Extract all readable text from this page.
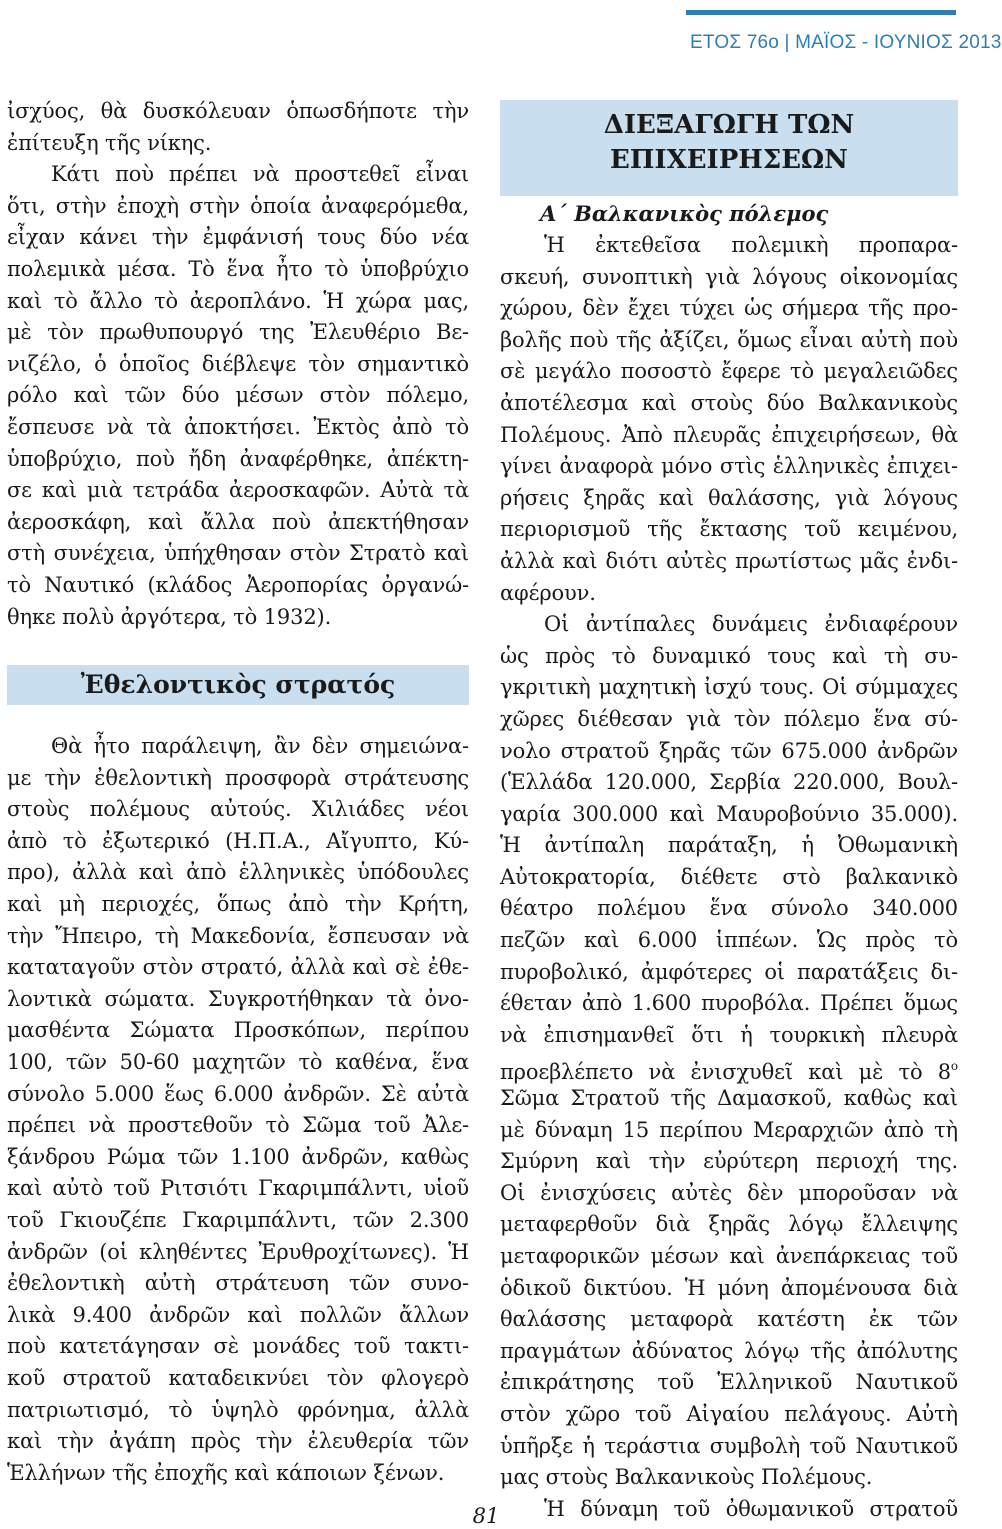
ΕΤΟΣ 76ο | ΜΑΪΟΣ - ΙΟΥΝΙΟΣ 2013
ἰσχύος, θὰ δυσκόλευαν ὁπωσδήποτε τὴν
ἐπίτευξη τῆς νίκης.
Κάτι ποὺ πρέπει νὰ προστεθεῖ εἶναι
ὅτι, στὴν ἐποχὴ στὴν ὁποία ἀναφερόμεθα,
εἶχαν κάνει τὴν ἐμφάνισή τους δύο νέα
πολεμικὰ μέσα. Τὸ ἕνα ἦτο τὸ ὑποβρύχιο
καὶ τὸ ἄλλο τὸ ἀεροπλάνο. Ἡ χώρα μας,
μὲ τὸν πρωθυπουργό της Ἐλευθέριο Βε-
νιζέλο, ὁ ὁποῖος διέβλεψε τὸν σημαντικὸ
ρόλο καὶ τῶν δύο μέσων στὸν πόλεμο,
ἔσπευσε νὰ τὰ ἀποκτήσει. Ἐκτὸς ἀπὸ τὸ
ὑποβρύχιο, ποὺ ἤδη ἀναφέρθηκε, ἀπέκτη-
σε καὶ μιὰ τετράδα ἀεροσκαφῶν. Αὐτὰ τὰ
ἀεροσκάφη, καὶ ἄλλα ποὺ ἀπεκτήθησαν
στὴ συνέχεια, ὑπήχθησαν στὸν Στρατὸ καὶ
τὸ Ναυτικό (κλάδος Ἀεροπορίας ὀργανώ-
θηκε πολὺ ἀργότερα, τὸ 1932).
Ἐθελοντικὸς στρατός
Θὰ ἦτο παράλειψη, ἂν δὲν σημειώνα-
με τὴν ἐθελοντικὴ προσφορὰ στράτευσης
στοὺς πολέμους αὐτούς. Χιλιάδες νέοι
ἀπὸ τὸ ἐξωτερικό (Η.Π.Α., Αἴγυπτο, Κύ-
προ), ἀλλὰ καὶ ἀπὸ ἑλληνικὲς ὑπόδουλες
καὶ μὴ περιοχές, ὅπως ἀπὸ τὴν Κρήτη,
τὴν Ἤπειρο, τὴ Μακεδονία, ἔσπευσαν νὰ
καταταγοῦν στὸν στρατό, ἀλλὰ καὶ σὲ ἐθε-
λοντικὰ σώματα. Συγκροτήθηκαν τὰ ὀνο-
μασθέντα Σώματα Προσκόπων, περίπου
100, τῶν 50-60 μαχητῶν τὸ καθένα, ἕνα
σύνολο 5.000 ἕως 6.000 ἀνδρῶν. Σὲ αὐτὰ
πρέπει νὰ προστεθοῦν τὸ Σῶμα τοῦ Ἀλε-
ξάνδρου Ρώμα τῶν 1.100 ἀνδρῶν, καθὼς
καὶ αὐτὸ τοῦ Ριτσιότι Γκαριμπάλντι, υἱοῦ
τοῦ Γκιουζέπε Γκαριμπάλντι, τῶν 2.300
ἀνδρῶν (οἱ κληθέντες Ἐρυθροχίτωνες). Ἡ
ἐθελοντικὴ αὐτὴ στράτευση τῶν συνο-
λικὰ 9.400 ἀνδρῶν καὶ πολλῶν ἄλλων
ποὺ κατετάγησαν σὲ μονάδες τοῦ τακτι-
κοῦ στρατοῦ καταδεικνύει τὸν φλογερὸ
πατριωτισμό, τὸ ὑψηλὸ φρόνημα, ἀλλὰ
καὶ τὴν ἀγάπη πρὸς τὴν ἐλευθερία τῶν
Ἑλλήνων τῆς ἐποχῆς καὶ κάποιων ξένων.
ΔΙΕΞΑΓΩΓΗ ΤΩΝ
ΕΠΙΧΕΙΡΗΣΕΩΝ
Α΄ Βαλκανικὸς πόλεμος
Ἡ ἐκτεθεῖσα πολεμικὴ προπαρα-
σκευή, συνοπτικὴ γιὰ λόγους οἰκονομίας
χώρου, δὲν ἔχει τύχει ὡς σήμερα τῆς προ-
βολῆς ποὺ τῆς ἀξίζει, ὅμως εἶναι αὐτὴ ποὺ
σὲ μεγάλο ποσοστὸ ἔφερε τὸ μεγαλειῶδες
ἀποτέλεσμα καὶ στοὺς δύο Βαλκανικοὺς
Πολέμους. Ἀπὸ πλευρᾶς ἐπιχειρήσεων, θὰ
γίνει ἀναφορὰ μόνο στὶς ἑλληνικὲς ἐπιχει-
ρήσεις ξηρᾶς καὶ θαλάσσης, γιὰ λόγους
περιορισμοῦ τῆς ἔκτασης τοῦ κειμένου,
ἀλλὰ καὶ διότι αὐτὲς πρωτίστως μᾶς ἐνδι-
αφέρουν.
Οἱ ἀντίπαλες δυνάμεις ἐνδιαφέρουν
ὡς πρὸς τὸ δυναμικό τους καὶ τὴ συ-
γκριτικὴ μαχητικὴ ἰσχύ τους. Οἱ σύμμαχες
χῶρες διέθεσαν γιὰ τὸν πόλεμο ἕνα σύ-
νολο στρατοῦ ξηρᾶς τῶν 675.000 ἀνδρῶν
(Ἑλλάδα 120.000, Σερβία 220.000, Βουλ-
γαρία 300.000 καὶ Μαυροβούνιο 35.000).
Ἡ ἀντίπαλη παράταξη, ἡ Ὀθωμανικὴ
Αὐτοκρατορία, διέθετε στὸ βαλκανικὸ
θέατρο πολέμου ἕνα σύνολο 340.000
πεζῶν καὶ 6.000 ἱππέων. Ὡς πρὸς τὸ
πυροβολικό, ἀμφότερες οἱ παρατάξεις δι-
έθεταν ἀπὸ 1.600 πυροβόλα. Πρέπει ὅμως
νὰ ἐπισημανθεῖ ὅτι ἡ τουρκικὴ πλευρὰ
προεβλέπετο νὰ ἐνισχυθεῖ καὶ μὲ τὸ $8^o$
Σῶμα Στρατοῦ τῆς Δαμασκοῦ, καθὼς καὶ
μὲ δύναμη 15 περίπου Μεραρχιῶν ἀπὸ τὴ
Σμύρνη καὶ τὴν εὐρύτερη περιοχή της.
Οἱ ἐνισχύσεις αὐτὲς δὲν μποροῦσαν νὰ
μεταφερθοῦν διὰ ξηρᾶς λόγῳ ἔλλειψης
μεταφορικῶν μέσων καὶ ἀνεπάρκειας τοῦ
ὁδικοῦ δικτύου. Ἡ μόνη ἀπομένουσα διὰ
θαλάσσης μεταφορὰ κατέστη ἐκ τῶν
πραγμάτων ἀδύνατος λόγῳ τῆς ἀπόλυτης
ἐπικράτησης τοῦ Ἑλληνικοῦ Ναυτικοῦ
στὸν χῶρο τοῦ Αἰγαίου πελάγους. Αὐτὴ
ὑπῆρξε ἡ τεράστια συμβολὴ τοῦ Ναυτικοῦ
μας στοὺς Βαλκανικοὺς Πολέμους.
Ἡ δύναμη τοῦ ὀθωμανικοῦ στρατοῦ
81
